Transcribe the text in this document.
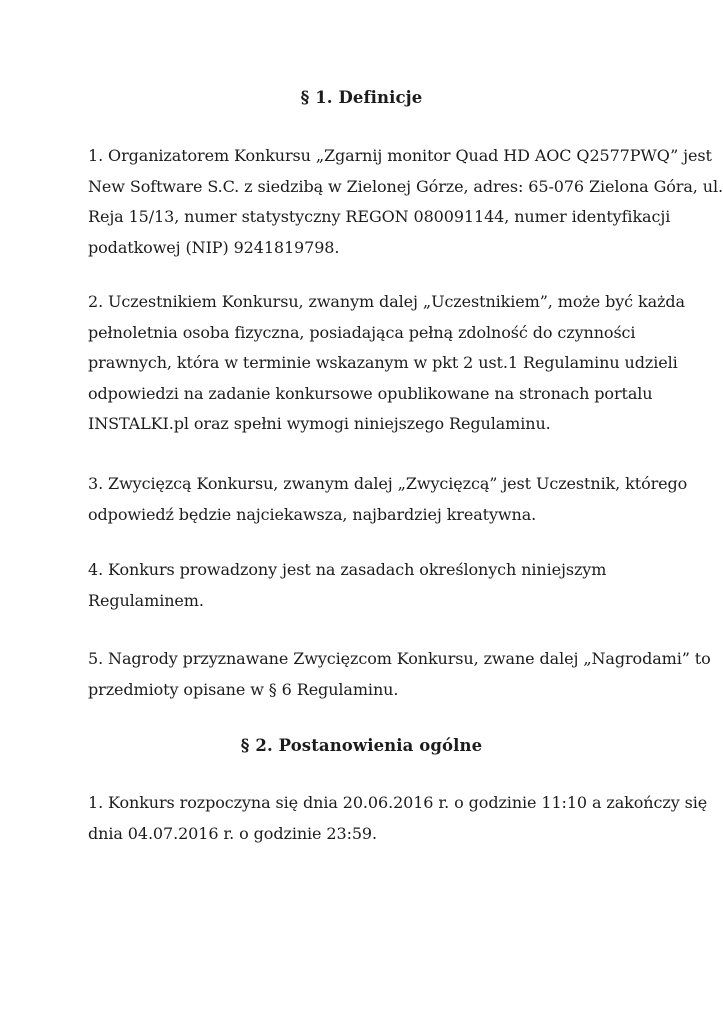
§ 1. Definicje
1. Organizatorem Konkursu „Zgarnij monitor Quad HD AOC Q2577PWQ” jest
New Software S.C. z siedzibą w Zielonej Górze, adres: 65-076 Zielona Góra, ul.
Reja 15/13, numer statystyczny REGON 080091144, numer identyfikacji
podatkowej (NIP) 9241819798.
2. Uczestnikiem Konkursu, zwanym dalej „Uczestnikiem”, może być każda
pełnoletnia osoba fizyczna, posiadająca pełną zdolność do czynności
prawnych, która w terminie wskazanym w pkt 2 ust.1 Regulaminu udzieli
odpowiedzi na zadanie konkursowe opublikowane na stronach portalu
INSTALKI.pl oraz spełni wymogi niniejszego Regulaminu.
3. Zwycięzcą Konkursu, zwanym dalej „Zwycięzcą” jest Uczestnik, którego
odpowiedź będzie najciekawsza, najbardziej kreatywna.
4. Konkurs prowadzony jest na zasadach określonych niniejszym
Regulaminem.
5. Nagrody przyznawane Zwycięzcom Konkursu, zwane dalej „Nagrodami” to
przedmioty opisane w § 6 Regulaminu.
§ 2. Postanowienia ogólne
1. Konkurs rozpoczyna się dnia 20.06.2016 r. o godzinie 11:10 a zakończy się
dnia 04.07.2016 r. o godzinie 23:59.
